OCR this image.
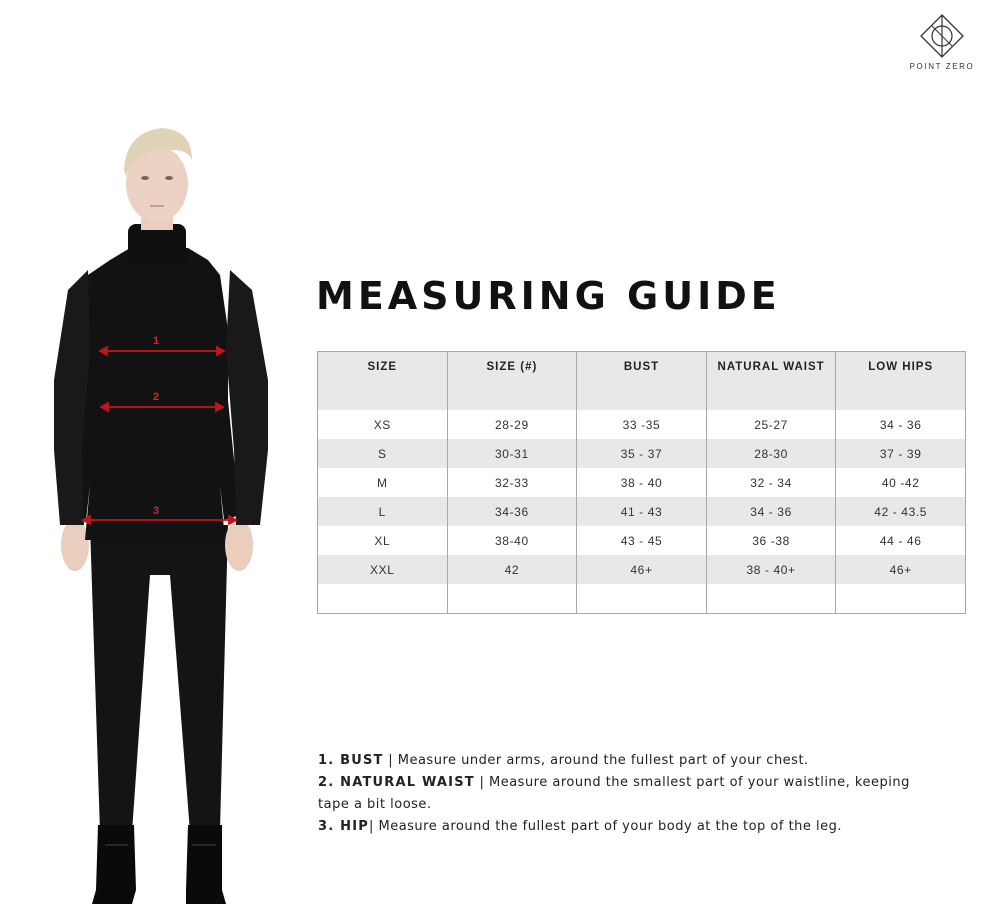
POINT ZERO
1
2
3
MEASURING GUIDE
SIZE	SIZE (#)	BUST	NATURAL WAIST	LOW HIPS

XS	28-29	33 -35	25-27	34 - 36
S	30-31	35 - 37	28-30	37 - 39
M	32-33	38 - 40	32 - 34	40 -42
L	34-36	41 - 43	34 - 36	42 - 43.5
XL	38-40	43 - 45	36 -38	44 - 46
XXL	42	46+	38 - 40+	46+

1. BUST | Measure under arms, around the fullest part of your chest.

2. NATURAL WAIST | Measure around the smallest part of your waistline, keeping tape a bit loose.

3. HIP| Measure around the fullest part of your body at the top of the leg.
